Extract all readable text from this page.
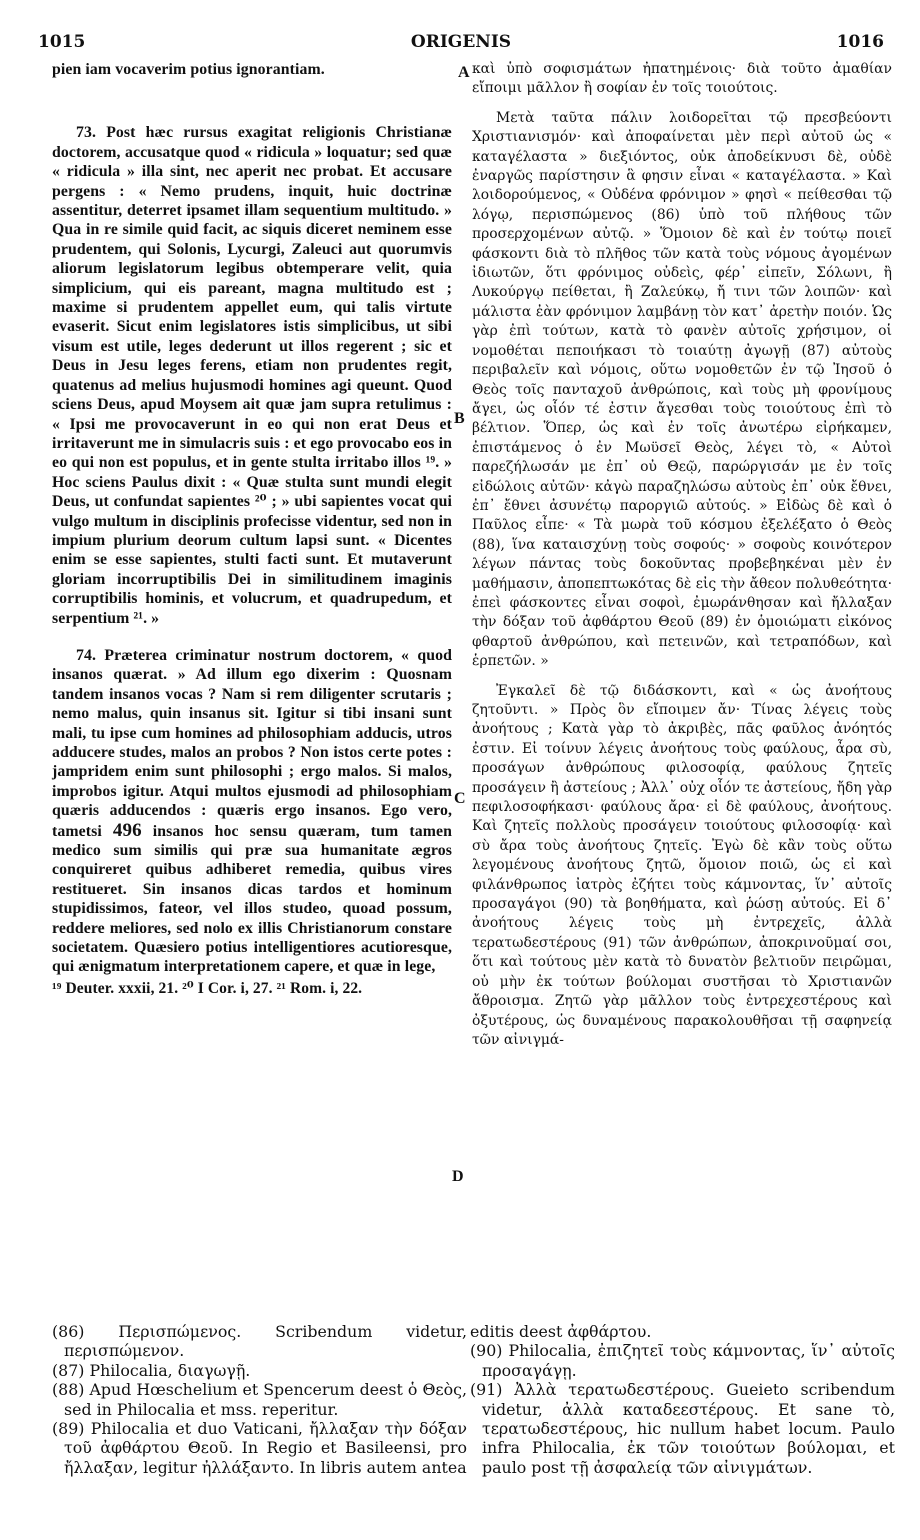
1015	ORIGENIS	1016

pien iam vocaverim potius ignorantiam.

73. Post hæc rursus exagitat religionis Christianæ doctorem, accusatque quod « ridicula » loquatur; sed quæ « ridicula » illa sint, nec aperit nec probat. Et accusare pergens : « Nemo prudens, inquit, huic doctrinæ assentitur, deterret ipsamet illam sequentium multitudo. » Qua in re simile quid facit, ac siquis diceret neminem esse prudentem, qui Solonis, Lycurgi, Zaleuci aut quorumvis aliorum legislatorum legibus obtemperare velit, quia simplicium, qui eis pareant, magna multitudo est ; maxime si prudentem appellet eum, qui talis virtute evaserit. Sicut enim legislatores istis simplicibus, ut sibi visum est utile, leges dederunt ut illos regerent ; sic et Deus in Jesu leges ferens, etiam non prudentes regit, quatenus ad melius hujusmodi homines agi queunt. Quod sciens Deus, apud Moysem ait quæ jam supra retulimus : « Ipsi me provocaverunt in eo qui non erat Deus et irritaverunt me in simulacris suis : et ego provocabo eos in eo qui non est populus, et in gente stulta irritabo illos ¹⁹. » Hoc sciens Paulus dixit : « Quæ stulta sunt mundi elegit Deus, ut confundat sapientes ²⁰ ; » ubi sapientes vocat qui vulgo multum in disciplinis profecisse videntur, sed non in impium plurium deorum cultum lapsi sunt. « Dicentes enim se esse sapientes, stulti facti sunt. Et mutaverunt gloriam incorruptibilis Dei in similitudinem imaginis corruptibilis hominis, et volucrum, et quadrupedum, et serpentium ²¹. »

74. Præterea criminatur nostrum doctorem, « quod insanos quærat. » Ad illum ego dixerim : Quosnam tandem insanos vocas ? Nam si rem diligenter scrutaris ; nemo malus, quin insanus sit. Igitur si tibi insani sunt mali, tu ipse cum homines ad philosophiam adducis, utros adducere studes, malos an probos ? Non istos certe potes : jampridem enim sunt philosophi ; ergo malos. Si malos, improbos igitur. Atqui multos ejusmodi ad philosophiam quæris adducendos : quæris ergo insanos. Ego vero, tametsi 496 insanos hoc sensu quæram, tum tamen medico sum similis qui præ sua humanitate ægros conquireret quibus adhiberet remedia, quibus vires restitueret. Sin insanos dicas tardos et hominum stupidissimos, fateor, vel illos studeo, quoad possum, reddere meliores, sed nolo ex illis Christianorum constare societatem. Quæsiero potius intelligentiores acutioresque, qui ænigmatum interpretationem capere, et quæ in lege,

¹⁹ Deuter. xxxii, 21. ²⁰ I Cor. i, 27. ²¹ Rom. i, 22.

καὶ ὑπὸ σοφισμάτων ἠπατημένοις· διὰ τοῦτο ἀμαθίαν εἴποιμι μᾶλλον ἢ σοφίαν ἐν τοῖς τοιούτοις.

Μετὰ ταῦτα πάλιν λοιδορεῖται τῷ πρεσβεύοντι Χριστιανισμόν· καὶ ἀποφαίνεται μὲν περὶ αὐτοῦ ὡς « καταγέλαστα » διεξιόντος, οὐκ ἀποδείκνυσι δὲ, οὐδὲ ἐναργῶς παρίστησιν ἃ φησιν εἶναι « καταγέλαστα. » Καὶ λοιδορούμενος, « Οὐδένα φρόνιμον » φησὶ « πείθεσθαι τῷ λόγῳ, περισπώμενος (86) ὑπὸ τοῦ πλήθους τῶν προσερχομένων αὐτῷ. » Ὅμοιον δὲ καὶ ἐν τούτῳ ποιεῖ φάσκοντι διὰ τὸ πλῆθος τῶν κατὰ τοὺς νόμους ἀγομένων ἰδιωτῶν, ὅτι φρόνιμος οὐδεὶς, φέρ᾽ εἰπεῖν, Σόλωνι, ἢ Λυκούργῳ πείθεται, ἢ Ζαλεύκῳ, ἤ τινι τῶν λοιπῶν· καὶ μάλιστα ἐὰν φρόνιμον λαμβάνῃ τὸν κατ᾽ ἀρετὴν ποιόν. Ὡς γὰρ ἐπὶ τούτων, κατὰ τὸ φανὲν αὐτοῖς χρήσιμον, οἱ νομοθέται πεποιήκασι τὸ τοιαύτῃ ἀγωγῇ (87) αὐτοὺς περιβαλεῖν καὶ νόμοις, οὕτω νομοθετῶν ἐν τῷ Ἰησοῦ ὁ Θεὸς τοῖς πανταχοῦ ἀνθρώποις, καὶ τοὺς μὴ φρονίμους ἄγει, ὡς οἷόν τέ ἐστιν ἄγεσθαι τοὺς τοιούτους ἐπὶ τὸ βέλτιον. Ὅπερ, ὡς καὶ ἐν τοῖς ἀνωτέρω εἰρήκαμεν, ἐπιστάμενος ὁ ἐν Μωϋσεῖ Θεὸς, λέγει τὸ, « Αὐτοὶ παρεζήλωσάν με ἐπ᾽ οὐ Θεῷ, παρώργισάν με ἐν τοῖς εἰδώλοις αὐτῶν· κἀγὼ παραζηλώσω αὐτοὺς ἐπ᾽ οὐκ ἔθνει, ἐπ᾽ ἔθνει ἀσυνέτῳ παροργιῶ αὐτούς. » Εἰδὼς δὲ καὶ ὁ Παῦλος εἶπε· « Τὰ μωρὰ τοῦ κόσμου ἐξελέξατο ὁ Θεὸς (88), ἵνα καταισχύνῃ τοὺς σοφούς· » σοφοὺς κοινότερον λέγων πάντας τοὺς δοκοῦντας προβεβηκέναι μὲν ἐν μαθήμασιν, ἀποπεπτωκότας δὲ εἰς τὴν ἄθεον πολυθεότητα· ἐπεὶ φάσκοντες εἶναι σοφοὶ, ἐμωράνθησαν καὶ ἤλλαξαν τὴν δόξαν τοῦ ἀφθάρτου Θεοῦ (89) ἐν ὁμοιώματι εἰκόνος φθαρτοῦ ἀνθρώπου, καὶ πετεινῶν, καὶ τετραπόδων, καὶ ἑρπετῶν. »

Ἐγκαλεῖ δὲ τῷ διδάσκοντι, καὶ « ὡς ἀνοήτους ζητοῦντι. » Πρὸς ὃν εἴποιμεν ἄν· Τίνας λέγεις τοὺς ἀνοήτους ; Κατὰ γὰρ τὸ ἀκριβὲς, πᾶς φαῦλος ἀνόητός ἐστιν. Εἰ τοίνυν λέγεις ἀνοήτους τοὺς φαύλους, ἆρα σὺ, προσάγων ἀνθρώπους φιλοσοφίᾳ, φαύλους ζητεῖς προσάγειν ἢ ἀστείους ; Ἀλλ᾽ οὐχ οἷόν τε ἀστείους, ἤδη γὰρ πεφιλοσοφήκασι· φαύλους ἄρα· εἰ δὲ φαύλους, ἀνοήτους. Καὶ ζητεῖς πολλοὺς προσάγειν τοιούτους φιλοσοφίᾳ· καὶ σὺ ἄρα τοὺς ἀνοήτους ζητεῖς. Ἐγὼ δὲ κἂν τοὺς οὕτω λεγομένους ἀνοήτους ζητῶ, ὅμοιον ποιῶ, ὡς εἰ καὶ φιλάνθρωπος ἰατρὸς ἐζήτει τοὺς κάμνοντας, ἵν᾽ αὐτοῖς προσαγάγοι (90) τὰ βοηθήματα, καὶ ῥώσῃ αὐτούς. Εἰ δ᾽ ἀνοήτους λέγεις τοὺς μὴ ἐντρεχεῖς, ἀλλὰ τερατωδεστέρους (91) τῶν ἀνθρώπων, ἀποκρινοῦμαί σοι, ὅτι καὶ τούτους μὲν κατὰ τὸ δυνατὸν βελτιοῦν πειρῶμαι, οὐ μὴν ἐκ τούτων βούλομαι συστῆσαι τὸ Χριστιανῶν ἄθροισμα. Ζητῶ γὰρ μᾶλλον τοὺς ἐντρεχεστέρους καὶ ὀξυτέρους, ὡς δυναμένους παρακολουθῆσαι τῇ σαφηνείᾳ τῶν αἰνιγμά-

A
B
C
D

(86) Περισπώμενος. Scribendum videtur, περισπώμενον.

(87) Philocalia, διαγωγῇ.

(88) Apud Hœschelium et Spencerum deest ὁ Θεὸς, sed in Philocalia et mss. reperitur.

(89) Philocalia et duo Vaticani, ἤλλαξαν τὴν δόξαν τοῦ ἀφθάρτου Θεοῦ. In Regio et Basileensi, pro ἤλλαξαν, legitur ἠλλάξαντο. In libris autem antea

editis deest ἀφθάρτου.

(90) Philocalia, ἐπιζητεῖ τοὺς κάμνοντας, ἵν᾽ αὐτοῖς προσαγάγῃ.

(91) Ἀλλὰ τερατωδεστέρους. Gueieto scribendum videtur, ἀλλὰ καταδεεστέρους. Et sane τὸ, τερατωδεστέρους, hic nullum habet locum. Paulo infra Philocalia, ἐκ τῶν τοιούτων βούλομαι, et paulo post τῇ ἀσφαλείᾳ τῶν αἰνιγμάτων.
